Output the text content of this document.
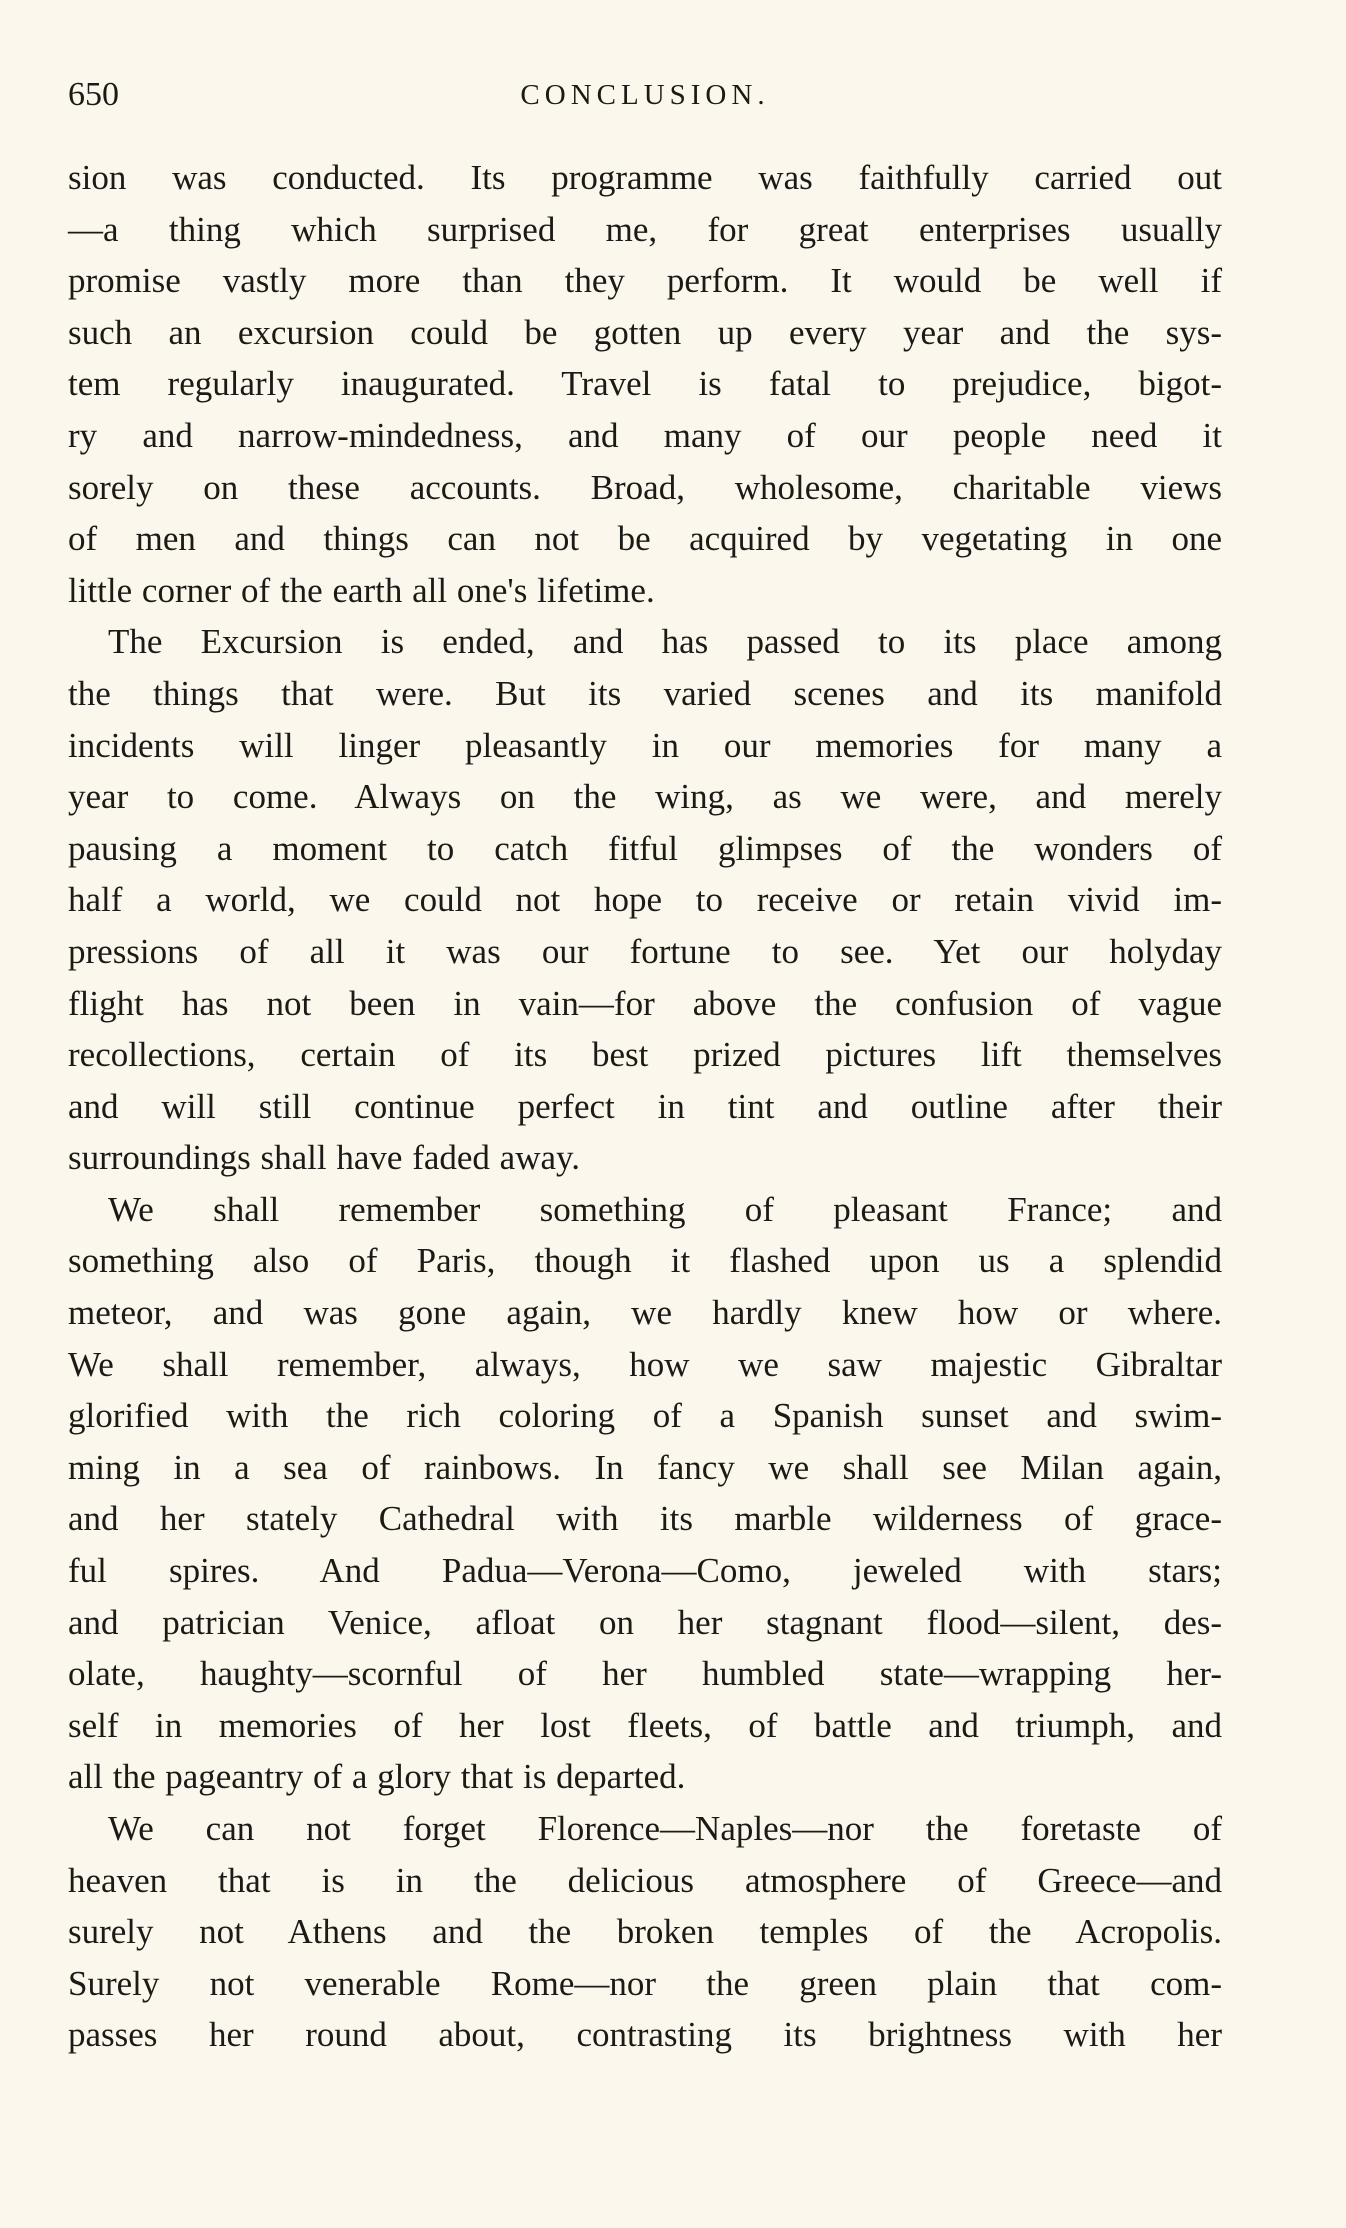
650	CONCLUSION.
sion was conducted. Its programme was faithfully carried out
—a thing which surprised me, for great enterprises usually
promise vastly more than they perform. It would be well if
such an excursion could be gotten up every year and the sys-
tem regularly inaugurated. Travel is fatal to prejudice, bigot-
ry and narrow-mindedness, and many of our people need it
sorely on these accounts. Broad, wholesome, charitable views
of men and things can not be acquired by vegetating in one
little corner of the earth all one's lifetime.
The Excursion is ended, and has passed to its place among
the things that were. But its varied scenes and its manifold
incidents will linger pleasantly in our memories for many a
year to come. Always on the wing, as we were, and merely
pausing a moment to catch fitful glimpses of the wonders of
half a world, we could not hope to receive or retain vivid im-
pressions of all it was our fortune to see. Yet our holyday
flight has not been in vain—for above the confusion of vague
recollections, certain of its best prized pictures lift themselves
and will still continue perfect in tint and outline after their
surroundings shall have faded away.
We shall remember something of pleasant France; and
something also of Paris, though it flashed upon us a splendid
meteor, and was gone again, we hardly knew how or where.
We shall remember, always, how we saw majestic Gibraltar
glorified with the rich coloring of a Spanish sunset and swim-
ming in a sea of rainbows. In fancy we shall see Milan again,
and her stately Cathedral with its marble wilderness of grace-
ful spires. And Padua—Verona—Como, jeweled with stars;
and patrician Venice, afloat on her stagnant flood—silent, des-
olate, haughty—scornful of her humbled state—wrapping her-
self in memories of her lost fleets, of battle and triumph, and
all the pageantry of a glory that is departed.
We can not forget Florence—Naples—nor the foretaste of
heaven that is in the delicious atmosphere of Greece—and
surely not Athens and the broken temples of the Acropolis.
Surely not venerable Rome—nor the green plain that com-
passes her round about, contrasting its brightness with her
